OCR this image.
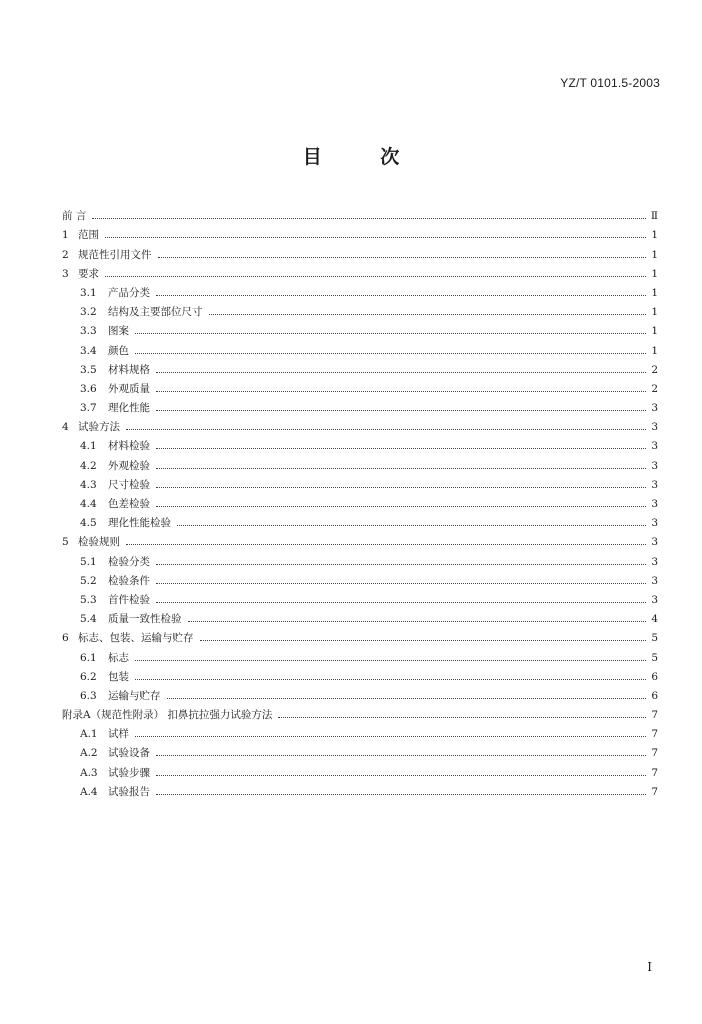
YZ/T 0101.5-2003
目 次
前 言	Ⅱ
1 范围	1
2 规范性引用文件	1
3 要求	1
3.1	产品分类	1
3.2	结构及主要部位尺寸	1
3.3	图案	1
3.4	颜色	1
3.5	材料规格	2
3.6	外观质量	2
3.7	理化性能	3
4 试验方法	3
4.1	材料检验	3
4.2	外观检验	3
4.3	尺寸检验	3
4.4	色差检验	3
4.5	理化性能检验	3
5 检验规则	3
5.1	检验分类	3
5.2	检验条件	3
5.3	首件检验	3
5.4	质量一致性检验	4
6 标志、包装、运输与贮存	5
6.1	标志	5
6.2	包装	6
6.3	运输与贮存	6
附录A（规范性附录） 扣鼻抗拉强力试验方法	7
A.1 试样	7
A.2 试验设备	7
A.3 试验步骤	7
A.4 试验报告	7
I
